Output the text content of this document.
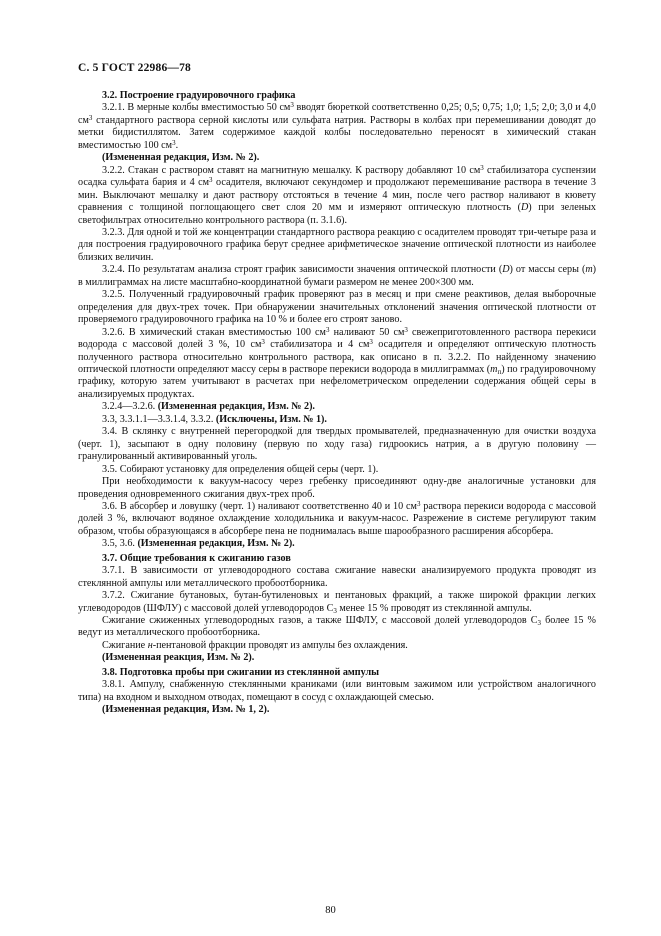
С. 5 ГОСТ 22986—78

3.2. Построение градуировочного графика

3.2.1. В мерные колбы вместимостью 50 $см^3$ вводят бюреткой соответственно 0,25; 0,5; 0,75; 1,0; 1,5; 2,0; 3,0 и 4,0 $см^3$ стандартного раствора серной кислоты или сульфата натрия. Растворы в колбах при перемешивании доводят до метки бидистиллятом. Затем содержимое каждой колбы последовательно переносят в химический стакан вместимостью 100 $см^3$.

(Измененная редакция, Изм. № 2).

3.2.2. Стакан с раствором ставят на магнитную мешалку. К раствору добавляют 10 $см^3$ стабилизатора суспензии осадка сульфата бария и 4 $см^3$ осадителя, включают секундомер и продолжают перемешивание раствора в течение 3 мин. Выключают мешалку и дают раствору отстояться в течение 4 мин, после чего раствор наливают в кювету сравнения с толщиной поглощающего свет слоя 20 мм и измеряют оптическую плотность (D) при зеленых светофильтрах относительно контрольного раствора (п. 3.1.6).

3.2.3. Для одной и той же концентрации стандартного раствора реакцию с осадителем проводят три-четыре раза и для построения градуировочного графика берут среднее арифметическое значение оптической плотности из наиболее близких величин.

3.2.4. По результатам анализа строят график зависимости значения оптической плотности (D) от массы серы (m) в миллиграммах на листе масштабно-координатной бумаги размером не менее 200×300 мм.

3.2.5. Полученный градуировочный график проверяют раз в месяц и при смене реактивов, делая выборочные определения для двух-трех точек. При обнаружении значительных отклонений значения оптической плотности от проверяемого градуировочного графика на 10 % и более его строят заново.

3.2.6. В химический стакан вместимостью 100 $см^3$ наливают 50 $см^3$ свежеприготовленного раствора перекиси водорода с массовой долей 3 %, 10 $см^3$ стабилизатора и 4 $см^3$ осадителя и определяют оптическую плотность полученного раствора относительно контрольного раствора, как описано в п. 3.2.2. По найденному значению оптической плотности определяют массу серы в растворе перекиси водорода в миллиграммах $(m_п)$ по градуировочному графику, которую затем учитывают в расчетах при нефелометрическом определении содержания общей серы в анализируемых продуктах.

3.2.4—3.2.6. (Измененная редакция, Изм. № 2).

3.3, 3.3.1.1—3.3.1.4, 3.3.2. (Исключены, Изм. № 1).

3.4. В склянку с внутренней перегородкой для твердых промывателей, предназначенную для очистки воздуха (черт. 1), засыпают в одну половину (первую по ходу газа) гидроокись натрия, а в другую половину — гранулированный активированный уголь.

3.5. Собирают установку для определения общей серы (черт. 1).

При необходимости к вакуум-насосу через гребенку присоединяют одну-две аналогичные установки для проведения одновременного сжигания двух-трех проб.

3.6. В абсорбер и ловушку (черт. 1) наливают соответственно 40 и 10 $см^3$ раствора перекиси водорода с массовой долей 3 %, включают водяное охлаждение холодильника и вакуум-насос. Разрежение в системе регулируют таким образом, чтобы образующаяся в абсорбере пена не поднималась выше шарообразного расширения абсорбера.

3.5, 3.6. (Измененная редакция, Изм. № 2).

3.7. Общие требования к сжиганию газов

3.7.1. В зависимости от углеводородного состава сжигание навески анализируемого продукта проводят из стеклянной ампулы или металлического пробоотборника.

3.7.2. Сжигание бутановых, бутан-бутиленовых и пентановых фракций, а также широкой фракции легких углеводородов (ШФЛУ) с массовой долей углеводородов $С_3$ менее 15 % проводят из стеклянной ампулы.

Сжигание сжиженных углеводородных газов, а также ШФЛУ, с массовой долей углеводородов $С_3$ более 15 % ведут из металлического пробоотборника.

Сжигание н-пентановой фракции проводят из ампулы без охлаждения.

(Измененная реакция, Изм. № 2).

3.8. Подготовка пробы при сжигании из стеклянной ампулы

3.8.1. Ампулу, снабженную стеклянными краниками (или винтовым зажимом или устройством аналогичного типа) на входном и выходном отводах, помещают в сосуд с охлаждающей смесью.

(Измененная редакция, Изм. № 1, 2).

80
